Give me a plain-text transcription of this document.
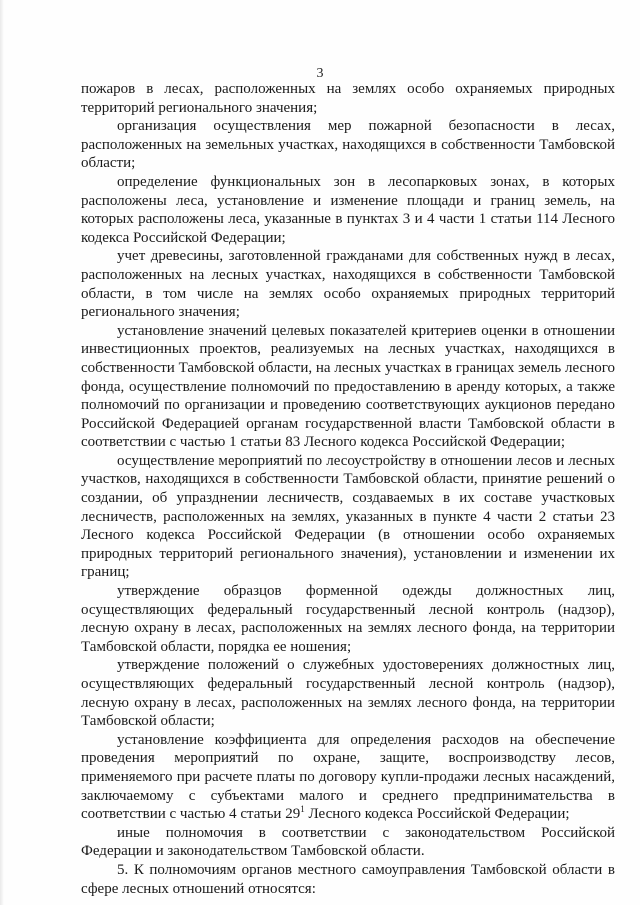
3

пожаров в лесах, расположенных на землях особо охраняемых природных территорий регионального значения;

организация осуществления мер пожарной безопасности в лесах, расположенных на земельных участках, находящихся в собственности Тамбовской области;

определение функциональных зон в лесопарковых зонах, в которых расположены леса, установление и изменение площади и границ земель, на которых расположены леса, указанные в пунктах 3 и 4 части 1 статьи 114 Лесного кодекса Российской Федерации;

учет древесины, заготовленной гражданами для собственных нужд в лесах, расположенных на лесных участках, находящихся в собственности Тамбовской области, в том числе на землях особо охраняемых природных территорий регионального значения;

установление значений целевых показателей критериев оценки в отношении инвестиционных проектов, реализуемых на лесных участках, находящихся в собственности Тамбовской области, на лесных участках в границах земель лесного фонда, осуществление полномочий по предоставлению в аренду которых, а также полномочий по организации и проведению соответствующих аукционов передано Российской Федерацией органам государственной власти Тамбовской области в соответствии с частью 1 статьи 83 Лесного кодекса Российской Федерации;

осуществление мероприятий по лесоустройству в отношении лесов и лесных участков, находящихся в собственности Тамбовской области, принятие решений о создании, об упразднении лесничеств, создаваемых в их составе участковых лесничеств, расположенных на землях, указанных в пункте 4 части 2 статьи 23 Лесного кодекса Российской Федерации (в отношении особо охраняемых природных территорий регионального значения), установлении и изменении их границ;

утверждение образцов форменной одежды должностных лиц, осуществляющих федеральный государственный лесной контроль (надзор), лесную охрану в лесах, расположенных на землях лесного фонда, на территории Тамбовской области, порядка ее ношения;

утверждение положений о служебных удостоверениях должностных лиц, осуществляющих федеральный государственный лесной контроль (надзор), лесную охрану в лесах, расположенных на землях лесного фонда, на территории Тамбовской области;

установление коэффициента для определения расходов на обеспечение проведения мероприятий по охране, защите, воспроизводству лесов, применяемого при расчете платы по договору купли-продажи лесных насаждений, заключаемому с субъектами малого и среднего предпринимательства в соответствии с частью 4 статьи $29^1$ Лесного кодекса Российской Федерации;

иные полномочия в соответствии с законодательством Российской Федерации и законодательством Тамбовской области.

5. К полномочиям органов местного самоуправления Тамбовской области в сфере лесных отношений относятся:
